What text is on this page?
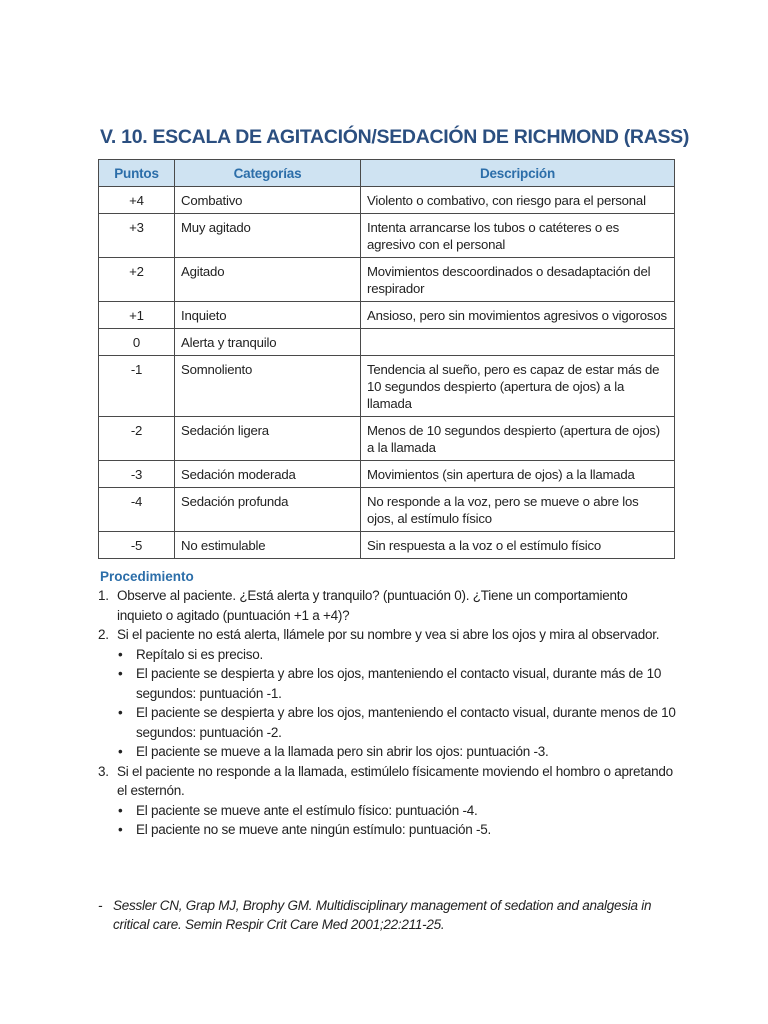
V. 10. ESCALA DE AGITACIÓN/SEDACIÓN DE RICHMOND (RASS)
Puntos	Categorías	Descripción
+4	Combativo	Violento o combativo, con riesgo para el personal
+3	Muy agitado	Intenta arrancarse los tubos o catéteres o es agresivo con el personal
+2	Agitado	Movimientos descoordinados o desadaptación del respirador
+1	Inquieto	Ansioso, pero sin movimientos agresivos o vigorosos
0	Alerta y tranquilo	
-1	Somnoliento	Tendencia al sueño, pero es capaz de estar más de 10 segundos despierto (apertura de ojos) a la llamada
-2	Sedación ligera	Menos de 10 segundos despierto (apertura de ojos) a la llamada
-3	Sedación moderada	Movimientos (sin apertura de ojos) a la llamada
-4	Sedación profunda	No responde a la voz, pero se mueve o abre los ojos, al estímulo físico
-5	No estimulable	Sin respuesta a la voz o el estímulo físico
Procedimiento
1. Observe al paciente. ¿Está alerta y tranquilo? (puntuación 0). ¿Tiene un comportamiento inquieto o agitado (puntuación +1 a +4)?
2. Si el paciente no está alerta, llámele por su nombre y vea si abre los ojos y mira al observador.
• Repítalo si es preciso.
• El paciente se despierta y abre los ojos, manteniendo el contacto visual, durante más de 10 segundos: puntuación -1.
• El paciente se despierta y abre los ojos, manteniendo el contacto visual, durante menos de 10 segundos: puntuación -2.
• El paciente se mueve a la llamada pero sin abrir los ojos: puntuación -3.
3. Si el paciente no responde a la llamada, estimúlelo físicamente moviendo el hombro o apretando el esternón.
• El paciente se mueve ante el estímulo físico: puntuación -4.
• El paciente no se mueve ante ningún estímulo: puntuación -5.
- Sessler CN, Grap MJ, Brophy GM. Multidisciplinary management of sedation and analgesia in critical care. Semin Respir Crit Care Med 2001;22:211-25.
